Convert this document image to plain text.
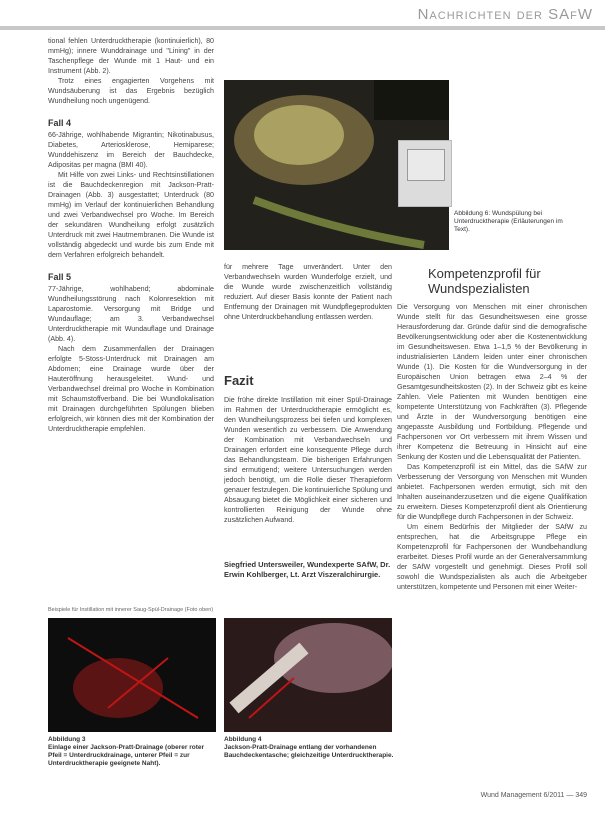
Nachrichten der SAfW

tional fehlen Unterdrucktherapie (kontinuierlich), 80 mmHg); innere Wunddrainage und "Lining" in der Taschenpflege der Wunde mit 1 Haut- und ein Instrument (Abb. 2).

Trotz eines engagierten Vorgehens mit Wundsäuberung ist das Ergebnis bezüglich Wundheilung noch ungenügend.

Fall 4

66-Jährige, wohlhabende Migrantin; Nikotinabusus, Diabetes, Arteriosklerose, Hemiparese; Wunddehiszenz im Bereich der Bauchdecke, Adipositas per magna (BMI 40).

Mit Hilfe von zwei Links- und Rechtsinstillationen ist die Bauchdeckenregion mit Jackson-Pratt-Drainagen (Abb. 3) ausgestattet; Unterdruck (80 mmHg) im Verlauf der kontinuierlichen Behandlung und zwei Verbandwechsel pro Woche. Im Bereich der sekundären Wundheilung erfolgt zusätzlich Unterdruck mit zwei Hautmembranen. Die Wunde ist vollständig abgedeckt und wurde bis zum Ende mit dem Verfahren erfolgreich behandelt.

Fall 5

77-Jährige, wohlhabend; abdominale Wundheilungsstörung nach Kolonresektion mit Laparostomie. Versorgung mit Bridge und Wundauflage; am 3. Verbandwechsel Unterdrucktherapie mit Wundauflage und Drainage (Abb. 4).

Nach dem Zusammenfallen der Drainagen erfolgte 5-Stoss-Unterdruck mit Drainagen am Abdomen; eine Drainage wurde über der Hauteröffnung herausgeleitet. Wund- und Verbandwechsel dreimal pro Woche in Kombination mit Schaumstoffverband. Die bei Wundlokalisation mit Drainagen durchgeführten Spülungen blieben erfolgreich, wir können dies mit der Kombination der Unterdrucktherapie empfehlen.

Beispiele für Instillation mit innerer Saug-Spül-Drainage (Foto oben)
Abbildung 6: Wundspülung bei Unterdrucktherapie (Erläuterungen im Text).
für mehrere Tage unverändert. Unter den Verbandwechseln wurden Wunderfolge erzielt, und die Wunde wurde zwischenzeitlich vollständig reduziert. Auf dieser Basis konnte der Patient nach Entfernung der Drainagen mit Wundpflegeprodukten ohne Unterdruckbehandlung entlassen werden.
Fazit
Die frühe direkte Instillation mit einer Spül-Drainage im Rahmen der Unterdrucktherapie ermöglicht es, den Wundheilungsprozess bei tiefen und komplexen Wunden wesentlich zu verbessern. Die Anwendung der Kombination mit Verbandwechseln und Drainagen erfordert eine konsequente Pflege durch das Behandlungsteam. Die bisherigen Erfahrungen sind ermutigend; weitere Untersuchungen werden jedoch benötigt, um die Rolle dieser Therapieform genauer festzulegen. Die kontinuierliche Spülung und Absaugung bietet die Möglichkeit einer sicheren und kontrollierten Reinigung der Wunde ohne zusätzlichen Aufwand.
Siegfried Untersweiler, Wundexperte SAfW, Dr. Erwin Kohlberger, Lt. Arzt Viszeralchirurgie.
Kompetenzprofil für Wundspezialisten

Die Versorgung von Menschen mit einer chronischen Wunde stellt für das Gesundheitswesen eine grosse Herausforderung dar. Gründe dafür sind die demografische Bevölkerungsentwicklung oder aber die Kostenentwicklung im Gesundheitswesen. Etwa 1–1,5 % der Bevölkerung in industrialisierten Ländern leiden unter einer chronischen Wunde (1). Die Kosten für die Wundversorgung in der Europäischen Union betragen etwa 2–4 % der Gesamtgesundheitskosten (2). In der Schweiz gibt es keine Zahlen. Viele Patienten mit Wunden benötigen eine kompetente Unterstützung von Fachkräften (3). Pflegende und Ärzte in der Wundversorgung benötigen eine angepasste Ausbildung und Fortbildung. Pflegende und Fachpersonen vor Ort verbessern mit ihrem Wissen und ihrer Kompetenz die Betreuung in Hinsicht auf eine Senkung der Kosten und die Lebensqualität der Patienten.

Das Kompetenzprofil ist ein Mittel, das die SAfW zur Verbesserung der Versorgung von Menschen mit Wunden anbietet. Fachpersonen werden ermutigt, sich mit den Inhalten auseinanderzusetzen und die eigene Qualifikation zu erweitern. Dieses Kompetenzprofil dient als Orientierung für die Wundpflege durch Fachpersonen in der Schweiz.

Um einem Bedürfnis der Mitglieder der SAfW zu entsprechen, hat die Arbeitsgruppe Pflege ein Kompetenzprofil für Fachpersonen der Wundbehandlung erarbeitet. Dieses Profil wurde an der Generalversammlung der SAfW vorgestellt und genehmigt. Dieses Profil soll sowohl die Wundspezialisten als auch die Arbeitgeber unterstützen, kompetente und Personen mit einer Weiter-

Abbildung 3
Einlage einer Jackson-Pratt-Drainage (oberer roter Pfeil = Unterdruckdrainage, unterer Pfeil = zur Unterdrucktherapie geeignete Naht).
Abbildung 4
Jackson-Pratt-Drainage entlang der vorhandenen Bauchdeckentasche; gleichzeitige Unterdrucktherapie.
Wund Management 6/2011 — 349
